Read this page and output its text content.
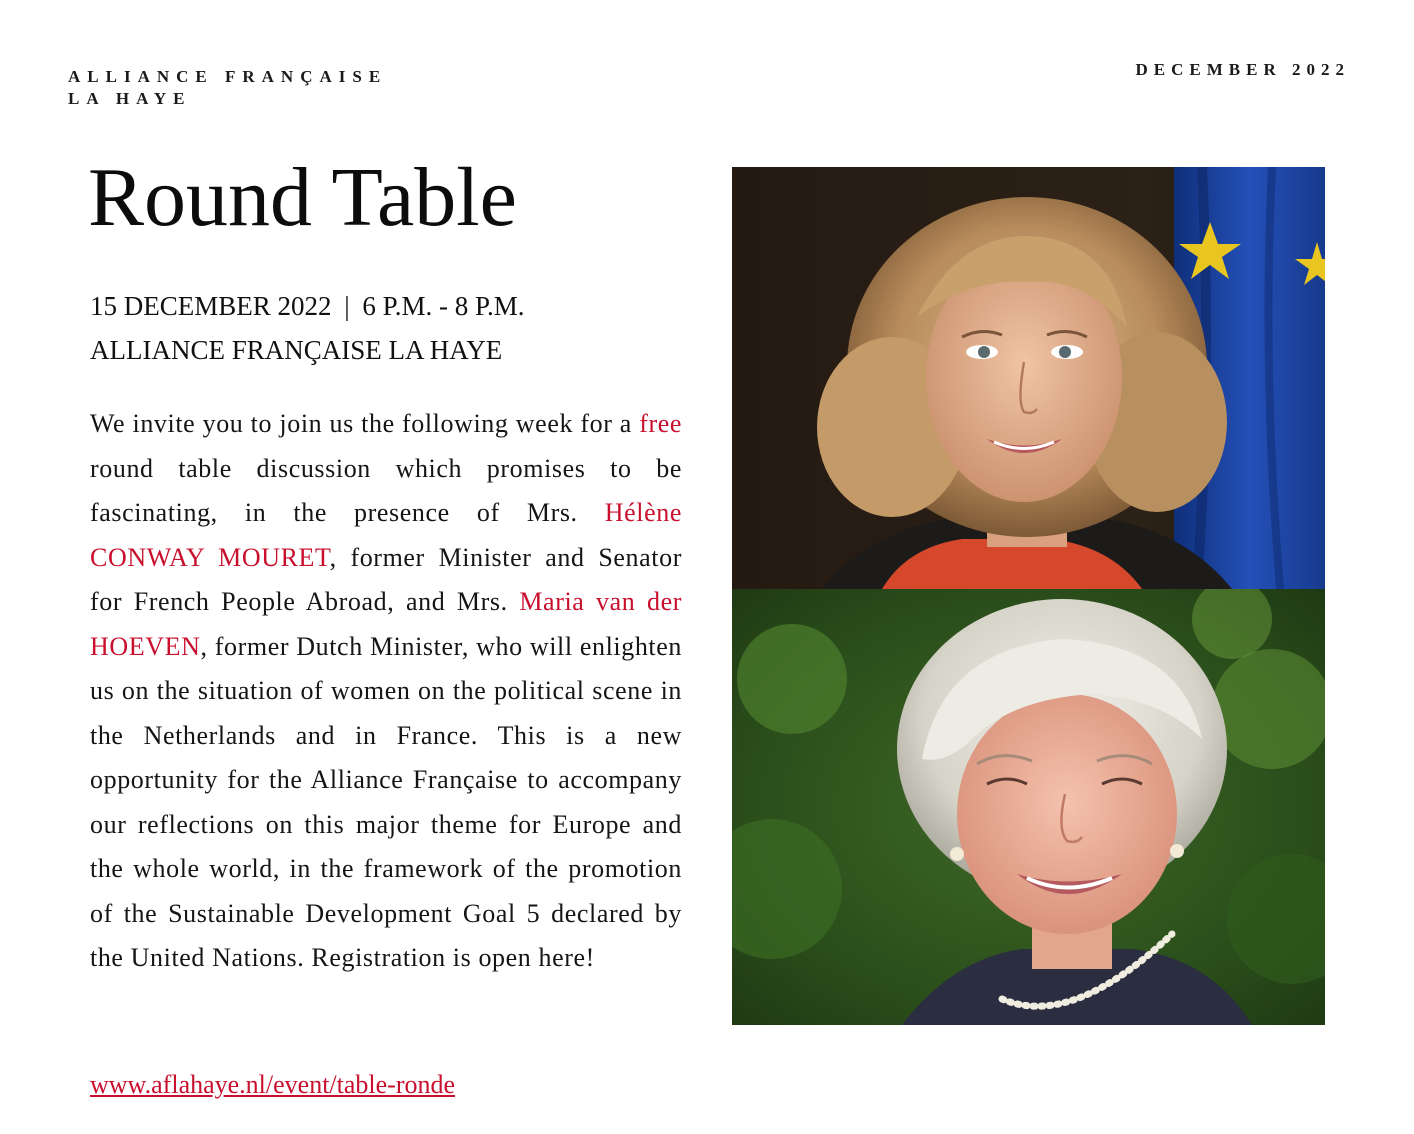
ALLIANCE FRANÇAISE
LA HAYE
DECEMBER 2022
Round Table
15 DECEMBER 2022 | 6 P.M. - 8 P.M.
ALLIANCE FRANÇAISE LA HAYE
We invite you to join us the following week for a free round table discussion which promises to be fascinating, in the presence of Mrs. Hélène CONWAY MOURET, former Minister and Senator for French People Abroad, and Mrs. Maria van der HOEVEN, former Dutch Minister, who will enlighten us on the situation of women on the political scene in the Netherlands and in France. This is a new opportunity for the Alliance Française to accompany our reflections on this major theme for Europe and the whole world, in the framework of the promotion of the Sustainable Development Goal 5 declared by the United Nations. Registration is open here!
www.aflahaye.nl/event/table-ronde
